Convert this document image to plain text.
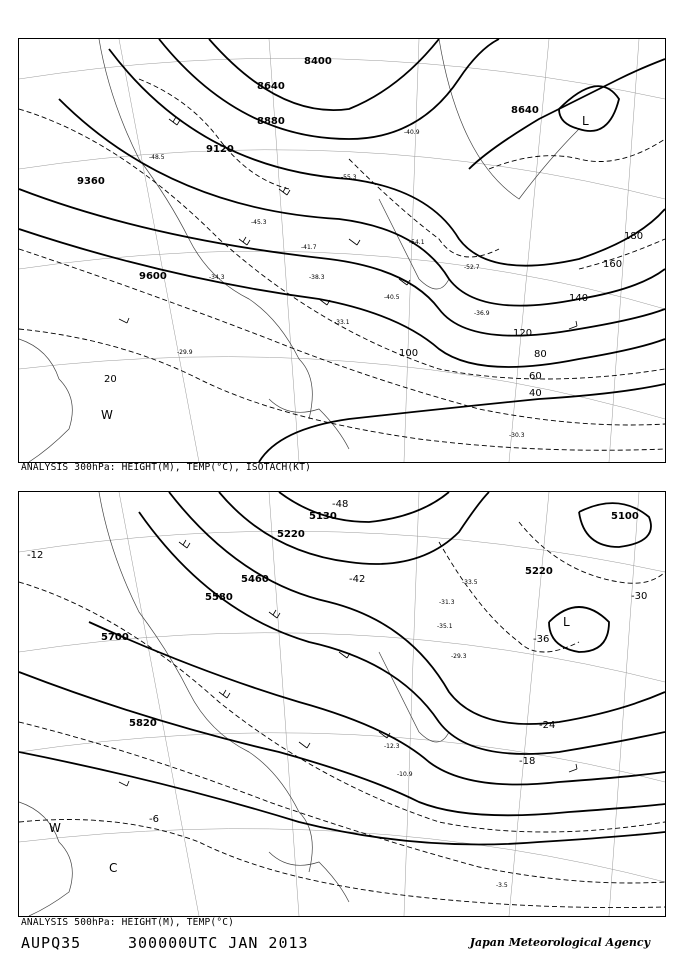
8400
8640
8880
9120
9360
9600
8640
20
40
60
80
100
120
140
160
180
-48.5
-40.9
-34.3
-33.1
-29.9
-30.3
-36.9
-40.5
-52.7
-55.3
-54.1
-38.3
-41.7
-45.3
W
L
ANALYSIS 300hPa: HEIGHT(M), TEMP(°C), ISOTACH(KT)
5130
5220
5460
5580
5700
5820
5100
5220
-48
-42
-36
-30
-24
-18
-12
-6
-33.5
-31.3
-35.1
-29.3
-10.9
-12.3
-3.5
W
C
L
ANALYSIS 500hPa: HEIGHT(M), TEMP(°C)
AUPQ35	300000UTC JAN 2013	Japan Meteorological Agency
